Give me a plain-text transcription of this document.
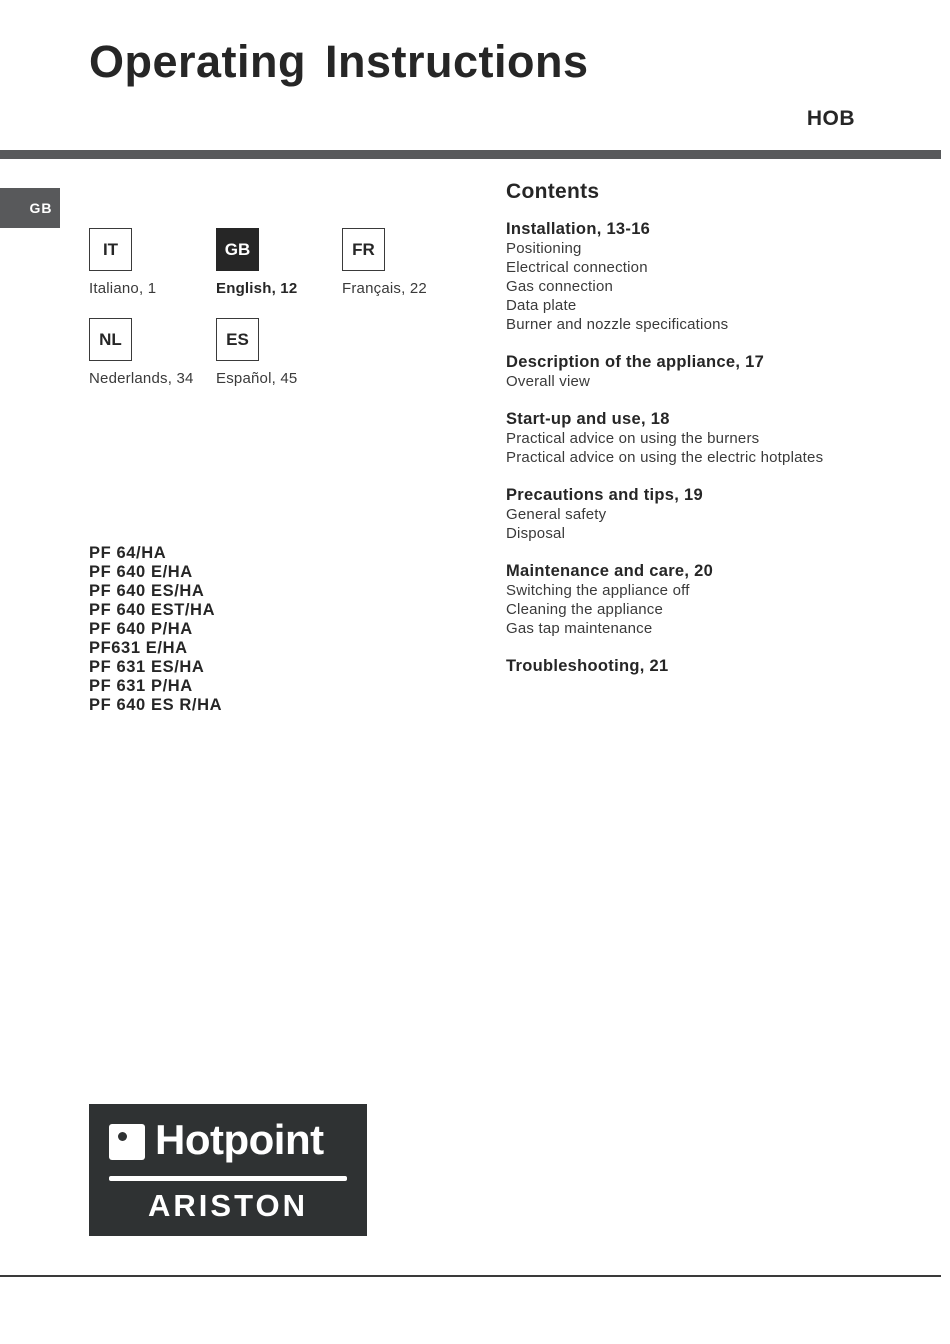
Operating Instructions
HOB
GB
IT
Italiano, 1
GB
English, 12
FR
Français, 22
NL
Nederlands, 34
ES
Español, 45
PF 64/HA
PF 640 E/HA
PF 640 ES/HA
PF 640 EST/HA
PF 640 P/HA
PF631 E/HA
PF 631 ES/HA
PF 631 P/HA
PF 640 ES R/HA
Contents
Installation, 13-16
Positioning
Electrical connection
Gas connection
Data plate
Burner and nozzle specifications
Description of the appliance, 17
Overall view
Start-up and use, 18
Practical advice on using the burners
Practical advice on using the electric hotplates
Precautions and tips, 19
General safety
Disposal
Maintenance and care, 20
Switching the appliance off
Cleaning the appliance
Gas tap maintenance
Troubleshooting, 21
Hotpoint
ARISTON
